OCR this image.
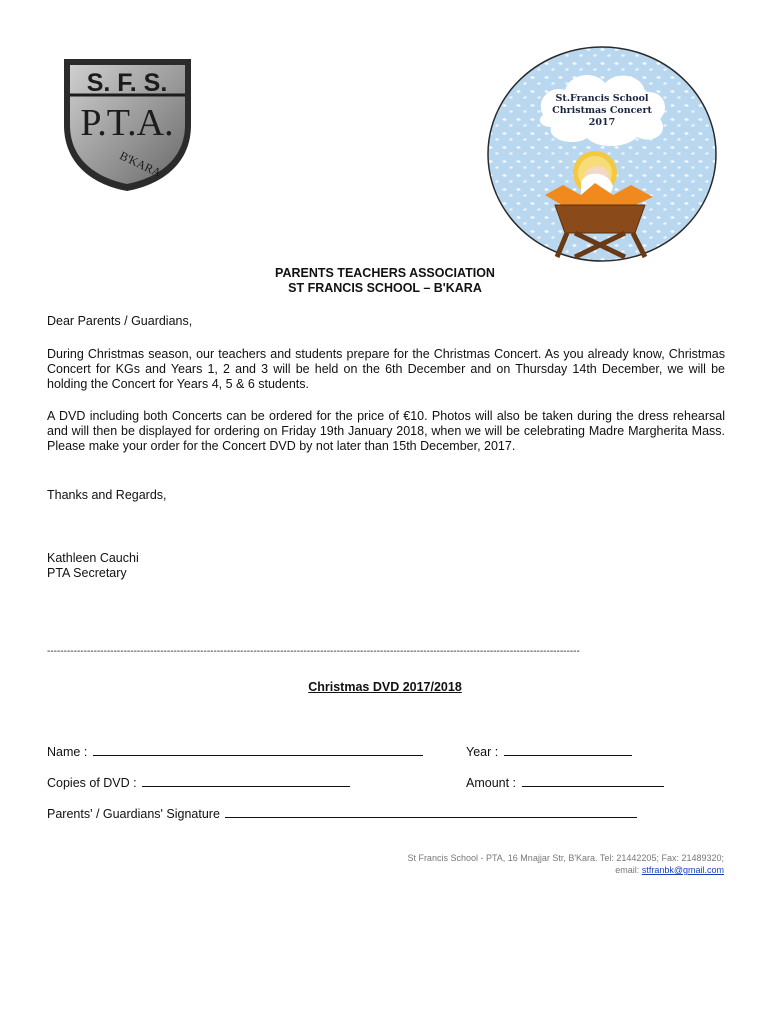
S. F. S.
P.T.A.
B'KARA
St.Francis School
Christmas Concert
2017
PARENTS TEACHERS ASSOCIATION
ST FRANCIS SCHOOL – B'KARA
Dear Parents / Guardians,
During Christmas season, our teachers and students prepare for the Christmas Concert. As you already know, Christmas Concert for KGs and Years 1, 2 and 3 will be held on the 6th December and on Thursday 14th December, we will be holding the Concert for Years 4, 5 & 6 students.
A DVD including both Concerts can be ordered for the price of €10. Photos will also be taken during the dress rehearsal and will then be displayed for ordering on Friday 19th January 2018, when we will be celebrating Madre Margherita Mass. Please make your order for the Concert DVD by not later than 15th December, 2017.
Thanks and Regards,
Kathleen Cauchi
PTA Secretary
----------------------------------------------------------------------------------------------------------------------------------------------------------------
Christmas DVD 2017/2018
Name :	Year :
Copies of DVD :	Amount :
Parents' / Guardians' Signature
St Francis School - PTA, 16 Mnajjar Str, B'Kara. Tel: 21442205; Fax: 21489320;
email: stfranbk@gmail.com
